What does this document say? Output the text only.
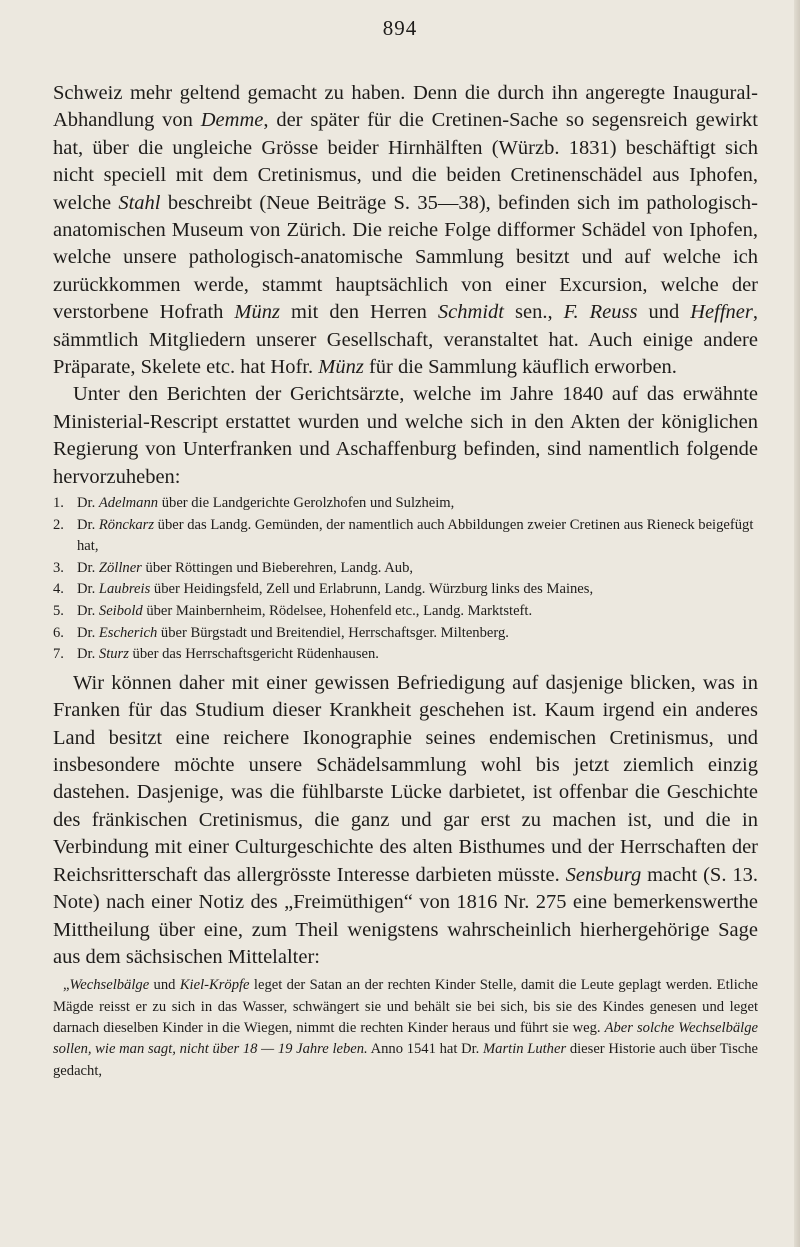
894

Schweiz mehr geltend gemacht zu haben. Denn die durch ihn angeregte Inaugural-Abhandlung von Demme, der später für die Cretinen-Sache so segensreich gewirkt hat, über die ungleiche Grösse beider Hirnhälften (Würzb. 1831) beschäftigt sich nicht speciell mit dem Cretinismus, und die beiden Cretinenschädel aus Iphofen, welche Stahl beschreibt (Neue Beiträge S. 35—38), befinden sich im pathologisch-anatomischen Museum von Zürich. Die reiche Folge difformer Schädel von Iphofen, welche unsere pathologisch-anatomische Sammlung besitzt und auf welche ich zurückkommen werde, stammt hauptsächlich von einer Excursion, welche der verstorbene Hofrath Münz mit den Herren Schmidt sen., F. Reuss und Heffner, sämmtlich Mitgliedern unserer Gesellschaft, veranstaltet hat. Auch einige andere Präparate, Skelete etc. hat Hofr. Münz für die Sammlung käuflich erworben.

Unter den Berichten der Gerichtsärzte, welche im Jahre 1840 auf das erwähnte Ministerial-Rescript erstattet wurden und welche sich in den Akten der königlichen Regierung von Unterfranken und Aschaffenburg befinden, sind namentlich folgende hervorzuheben:

1. Dr. Adelmann über die Landgerichte Gerolzhofen und Sulzheim,
2. Dr. Rönckarz über das Landg. Gemünden, der namentlich auch Abbildungen zweier Cretinen aus Rieneck beigefügt hat,
3. Dr. Zöllner über Röttingen und Bieberehren, Landg. Aub,
4. Dr. Laubreis über Heidingsfeld, Zell und Erlabrunn, Landg. Würzburg links des Maines,
5. Dr. Seibold über Mainbernheim, Rödelsee, Hohenfeld etc., Landg. Marktsteft.
6. Dr. Escherich über Bürgstadt und Breitendiel, Herrschaftsger. Miltenberg.
7. Dr. Sturz über das Herrschaftsgericht Rüdenhausen.

Wir können daher mit einer gewissen Befriedigung auf dasjenige blicken, was in Franken für das Studium dieser Krankheit geschehen ist. Kaum irgend ein anderes Land besitzt eine reichere Ikonographie seines endemischen Cretinismus, und insbesondere möchte unsere Schädelsammlung wohl bis jetzt ziemlich einzig dastehen. Dasjenige, was die fühlbarste Lücke darbietet, ist offenbar die Geschichte des fränkischen Cretinismus, die ganz und gar erst zu machen ist, und die in Verbindung mit einer Culturgeschichte des alten Bisthumes und der Herrschaften der Reichsritterschaft das allergrösste Interesse darbieten müsste. Sensburg macht (S. 13. Note) nach einer Notiz des „Freimüthigen“ von 1816 Nr. 275 eine bemerkenswerthe Mittheilung über eine, zum Theil wenigstens wahrscheinlich hierhergehörige Sage aus dem sächsischen Mittelalter:

„Wechselbälge und Kiel-Kröpfe leget der Satan an der rechten Kinder Stelle, damit die Leute geplagt werden. Etliche Mägde reisst er zu sich in das Wasser, schwängert sie und behält sie bei sich, bis sie des Kindes genesen und leget darnach dieselben Kinder in die Wiegen, nimmt die rechten Kinder heraus und führt sie weg. Aber solche Wechselbälge sollen, wie man sagt, nicht über 18 — 19 Jahre leben. Anno 1541 hat Dr. Martin Luther dieser Historie auch über Tische gedacht,
